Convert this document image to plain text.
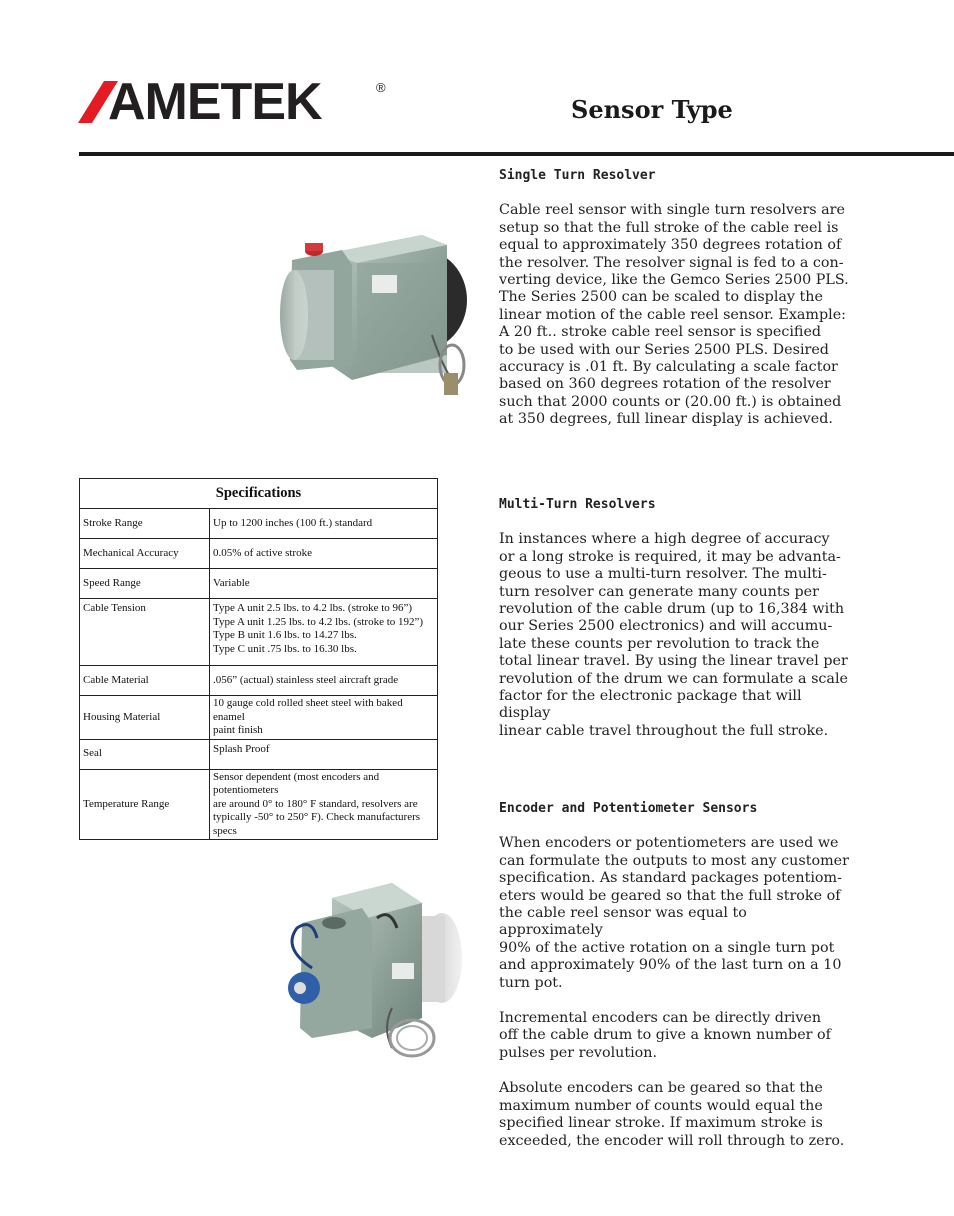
AMETEK	®
Sensor Type
Single Turn Resolver

Cable reel sensor with single turn resolvers are
setup so that the full stroke of the cable reel is
equal to approximately 350 degrees rotation of
the resolver. The resolver signal is fed to a con-
verting device, like the Gemco Series 2500 PLS.
The Series 2500 can be scaled to display the
linear motion of the cable reel sensor. Example:
A 20 ft.. stroke cable reel sensor is specified
to be used with our Series 2500 PLS. Desired
accuracy is .01 ft. By calculating a scale factor
based on 360 degrees rotation of the resolver
such that 2000 counts or (20.00 ft.) is obtained
at 350 degrees, full linear display is achieved.

Multi-Turn Resolvers

In instances where a high degree of accuracy
or a long stroke is required, it may be advanta-
geous to use a multi-turn resolver. The multi-
turn resolver can generate many counts per
revolution of the cable drum (up to 16,384 with
our Series 2500 electronics) and will accumu-
late these counts per revolution to track the
total linear travel. By using the linear travel per
revolution of the drum we can formulate a scale
factor for the electronic package that will display
linear cable travel throughout the full stroke.

Encoder and Potentiometer Sensors

When encoders or potentiometers are used we
can formulate the outputs to most any customer
specification. As standard packages potentiom-
eters would be geared so that the full stroke of
the cable reel sensor was equal to approximately
90% of the active rotation on a single turn pot
and approximately 90% of the last turn on a 10
turn pot.

Incremental encoders can be directly driven
off the cable drum to give a known number of
pulses per revolution.

Absolute encoders can be geared so that the
maximum number of counts would equal the
specified linear stroke. If maximum stroke is
exceeded, the encoder will roll through to zero.

Specifications	
Stroke Range	Up to 1200 inches (100 ft.) standard

Mechanical Accuracy	0.05% of active stroke

Speed Range	Variable

Cable Tension	Type A unit 2.5 lbs. to 4.2 lbs. (stroke to 96”)
Type A unit 1.25 lbs. to 4.2 lbs. (stroke to 192”)
Type B unit 1.6 lbs. to 14.27 lbs.
Type C unit .75 lbs. to 16.30 lbs.

Cable Material	.056” (actual) stainless steel aircraft grade

Housing Material	10 gauge cold rolled sheet steel with baked enamel
paint finish

Seal	Splash Proof

Temperature Range	Sensor dependent (most encoders and potentiometers
are around 0° to 180° F standard, resolvers are
typically -50° to 250° F). Check manufacturers specs
